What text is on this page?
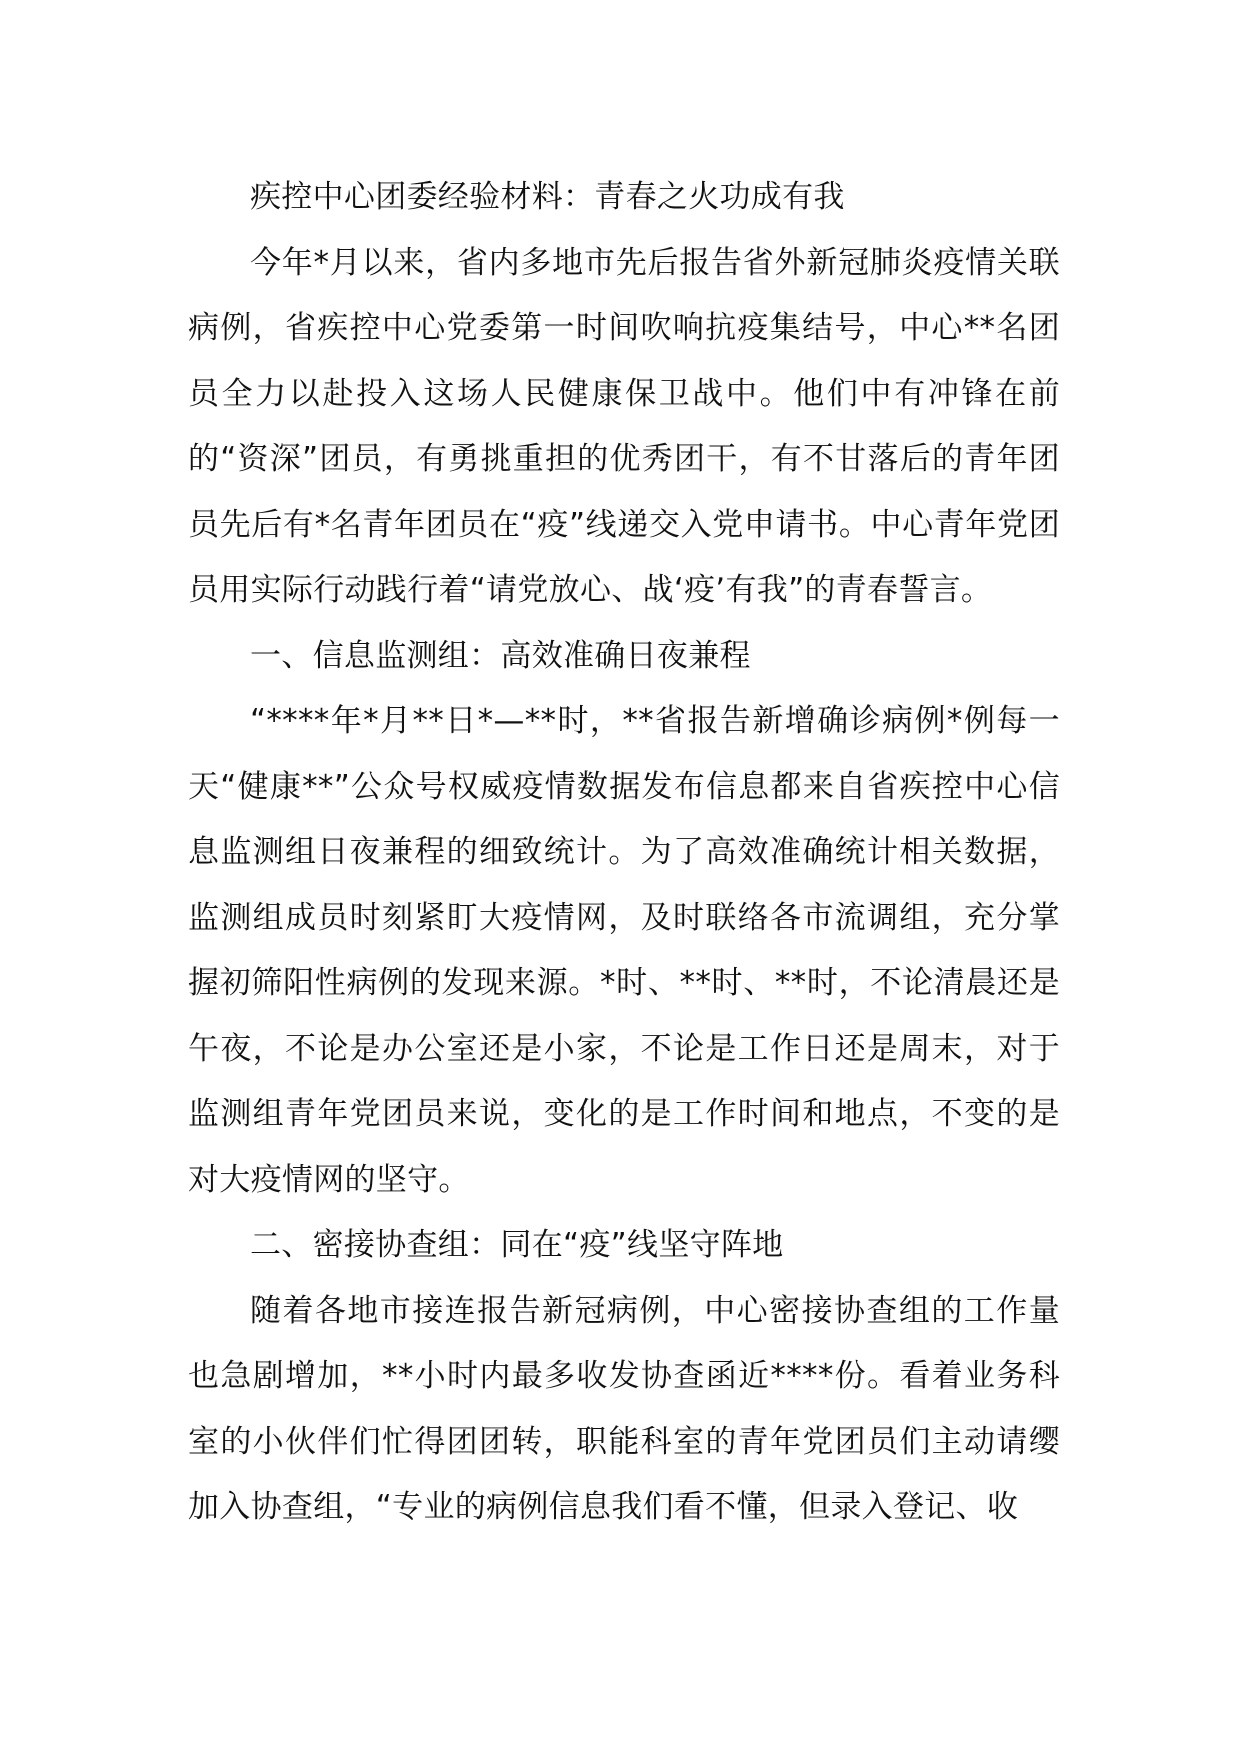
疾控中心团委经验材料：青春之火功成有我

今年*月以来，省内多地市先后报告省外新冠肺炎疫情关联病例，省疾控中心党委第一时间吹响抗疫集结号，中心**名团员全力以赴投入这场人民健康保卫战中。他们中有冲锋在前的“资深”团员，有勇挑重担的优秀团干，有不甘落后的青年团员先后有*名青年团员在“疫”线递交入党申请书。中心青年党团员用实际行动践行着“请党放心、战‘疫’有我”的青春誓言。

一、信息监测组：高效准确日夜兼程

“****年*月**日*—**时，**省报告新增确诊病例*例每一天“健康**”公众号权威疫情数据发布信息都来自省疾控中心信息监测组日夜兼程的细致统计。为了高效准确统计相关数据，监测组成员时刻紧盯大疫情网，及时联络各市流调组，充分掌握初筛阳性病例的发现来源。*时、**时、**时，不论清晨还是午夜，不论是办公室还是小家，不论是工作日还是周末，对于监测组青年党团员来说，变化的是工作时间和地点，不变的是对大疫情网的坚守。

二、密接协查组：同在“疫”线坚守阵地

随着各地市接连报告新冠病例，中心密接协查组的工作量也急剧增加，**小时内最多收发协查函近****份。看着业务科室的小伙伴们忙得团团转，职能科室的青年党团员们主动请缨加入协查组，“专业的病例信息我们看不懂，但录入登记、收
